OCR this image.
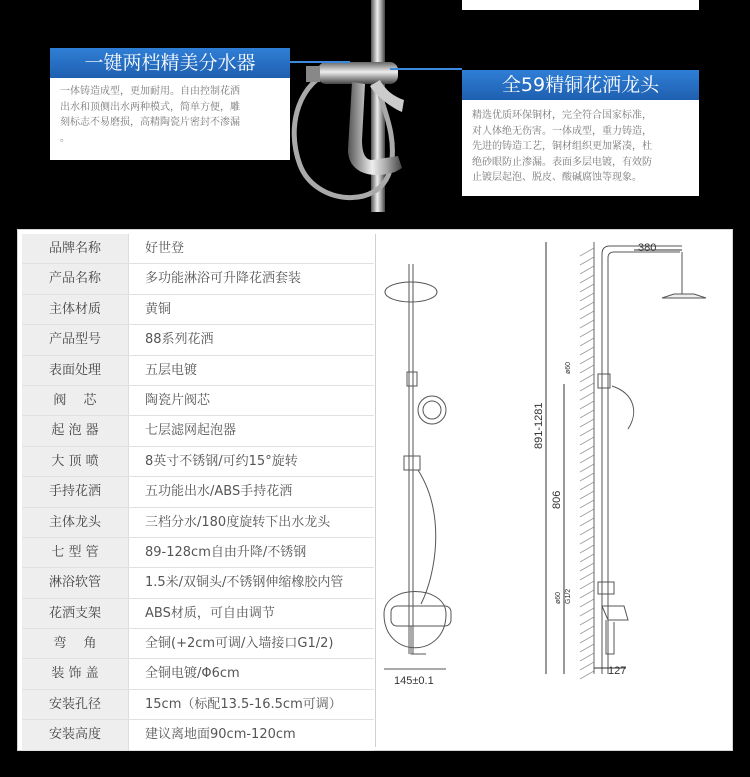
一键两档精美分水器
一体铸造成型，更加耐用。自由控制花洒
出水和顶侧出水两种模式，简单方便，雕
刻标志不易磨损，高精陶瓷片密封不渗漏
。
全59精铜花洒龙头
精选优质环保铜材，完全符合国家标准，
对人体绝无伤害。一体成型，重力铸造，
先进的铸造工艺，铜材组织更加紧凑，杜
绝砂眼防止渗漏。表面多层电镀，有效防
止镀层起泡、脱皮、酸碱腐蚀等现象。
品牌名称	好世登
产品名称	多功能淋浴可升降花洒套装
主体材质	黄铜
产品型号	88系列花洒
表面处理	五层电镀
阀　 芯	陶瓷片阀芯
起 泡 器	七层滤网起泡器
大 顶 喷	8英寸不锈钢/可约15°旋转
手持花洒	五功能出水/ABS手持花洒
主体龙头	三档分水/180度旋转下出水龙头
七 型 管	89-128cm自由升降/不锈钢
淋浴软管	1.5米/双铜头/不锈钢伸缩橡胶内管
花洒支架	ABS材质，可自由调节
弯　 角	全铜(+2cm可调/入墙接口G1/2)
装 饰 盖	全铜电镀/Φ6cm
安装孔径	15cm（标配13.5-16.5cm可调）
安装高度	建议离地面90cm-120cm
145±0.1
380
891-1281
806
ø60
ø60 G1/2
127
